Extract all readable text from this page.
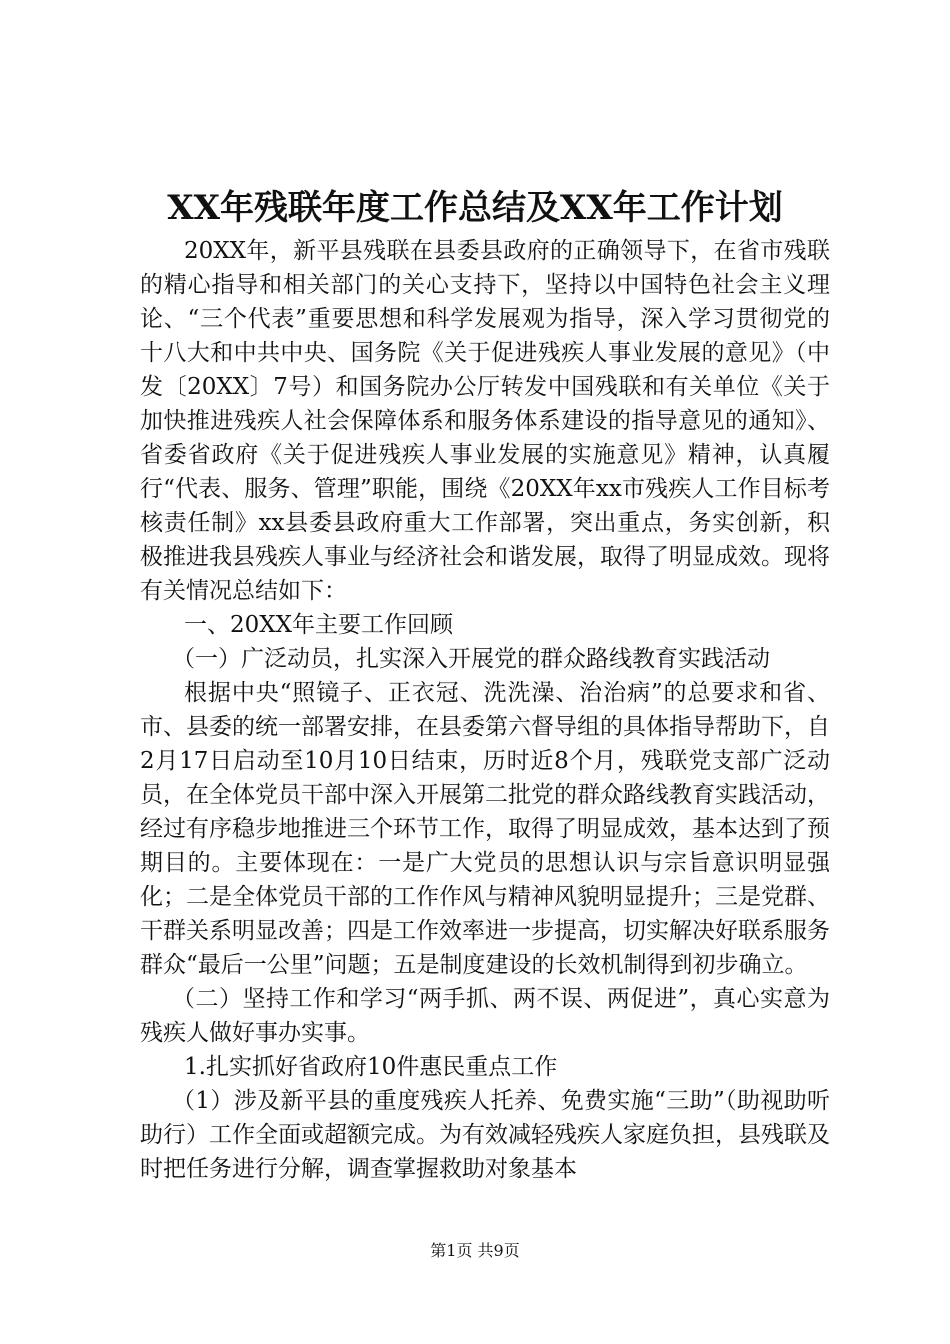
XX年残联年度工作总结及XX年工作计划

20XX年，新平县残联在县委县政府的正确领导下，在省市残联的精心指导和相关部门的关心支持下，坚持以中国特色社会主义理论、“三个代表”重要思想和科学发展观为指导，深入学习贯彻党的十八大和中共中央、国务院《关于促进残疾人事业发展的意见》（中发〔20XX〕7号）和国务院办公厅转发中国残联和有关单位《关于加快推进残疾人社会保障体系和服务体系建设的指导意见的通知》、省委省政府《关于促进残疾人事业发展的实施意见》精神，认真履行“代表、服务、管理”职能，围绕《20XX年xx市残疾人工作目标考核责任制》xx县委县政府重大工作部署，突出重点，务实创新，积极推进我县残疾人事业与经济社会和谐发展，取得了明显成效。现将有关情况总结如下：

一、20XX年主要工作回顾

（一）广泛动员，扎实深入开展党的群众路线教育实践活动

根据中央“照镜子、正衣冠、洗洗澡、治治病”的总要求和省、市、县委的统一部署安排，在县委第六督导组的具体指导帮助下，自2月17日启动至10月10日结束，历时近8个月，残联党支部广泛动员，在全体党员干部中深入开展第二批党的群众路线教育实践活动，经过有序稳步地推进三个环节工作，取得了明显成效，基本达到了预期目的。主要体现在：一是广大党员的思想认识与宗旨意识明显强化；二是全体党员干部的工作作风与精神风貌明显提升；三是党群、干群关系明显改善；四是工作效率进一步提高，切实解决好联系服务群众“最后一公里”问题；五是制度建设的长效机制得到初步确立。

（二）坚持工作和学习“两手抓、两不误、两促进”，真心实意为残疾人做好事办实事。

1.扎实抓好省政府10件惠民重点工作

（1）涉及新平县的重度残疾人托养、免费实施“三助”（助视助听助行）工作全面或超额完成。为有效减轻残疾人家庭负担，县残联及时把任务进行分解，调查掌握救助对象基本

第1页 共9页
